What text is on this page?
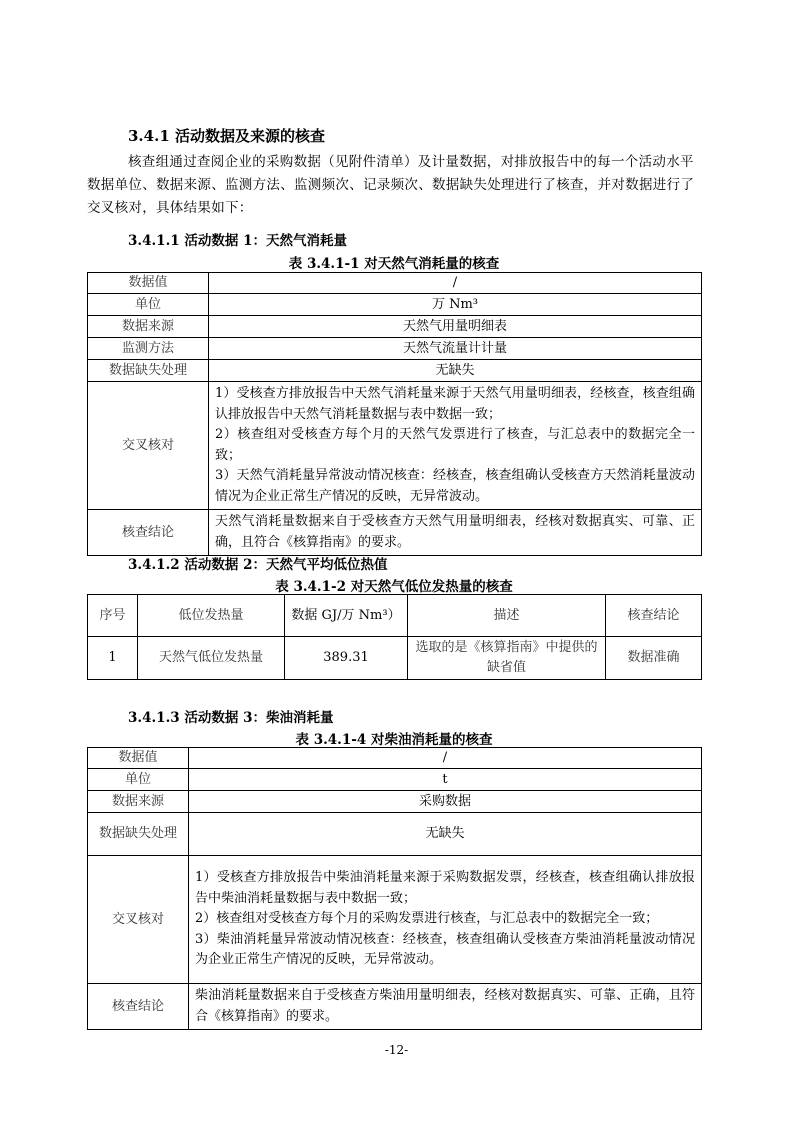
3.4.1 活动数据及来源的核查
核查组通过查阅企业的采购数据（见附件清单）及计量数据，对排放报告中的每一个活动水平数据单位、数据来源、监测方法、监测频次、记录频次、数据缺失处理进行了核查，并对数据进行了交叉核对，具体结果如下：
3.4.1.1 活动数据 1：天然气消耗量
表 3.4.1-1 对天然气消耗量的核查
数据值	/
单位	万 Nm³
数据来源	天然气用量明细表
监测方法	天然气流量计计量
数据缺失处理	无缺失
交叉核对	1）受核查方排放报告中天然气消耗量来源于天然气用量明细表，经核查，核查组确认排放报告中天然气消耗量数据与表中数据一致；
2）核查组对受核查方每个月的天然气发票进行了核查，与汇总表中的数据完全一致；
3）天然气消耗量异常波动情况核查：经核查，核查组确认受核查方天然消耗量波动情况为企业正常生产情况的反映，无异常波动。

核查结论	天然气消耗量数据来自于受核查方天然气用量明细表，经核对数据真实、可靠、正确，且符合《核算指南》的要求。
3.4.1.2 活动数据 2：天然气平均低位热值
表 3.4.1-2 对天然气低位发热量的核查
序号	低位发热量	数据 GJ/万 Nm³）	描述	核查结论
1	天然气低位发热量	389.31	选取的是《核算指南》中提供的缺省值	数据准确
3.4.1.3 活动数据 3：柴油消耗量
表 3.4.1-4 对柴油消耗量的核查
数据值	/
单位	t
数据来源	采购数据
数据缺失处理	无缺失
交叉核对	1）受核查方排放报告中柴油消耗量来源于采购数据发票，经核查，核查组确认排放报告中柴油消耗量数据与表中数据一致；
2）核查组对受核查方每个月的采购发票进行核查，与汇总表中的数据完全一致；
3）柴油消耗量异常波动情况核查：经核查，核查组确认受核查方柴油消耗量波动情况为企业正常生产情况的反映，无异常波动。

核查结论	柴油消耗量数据来自于受核查方柴油用量明细表，经核对数据真实、可靠、正确，且符合《核算指南》的要求。
-12-
